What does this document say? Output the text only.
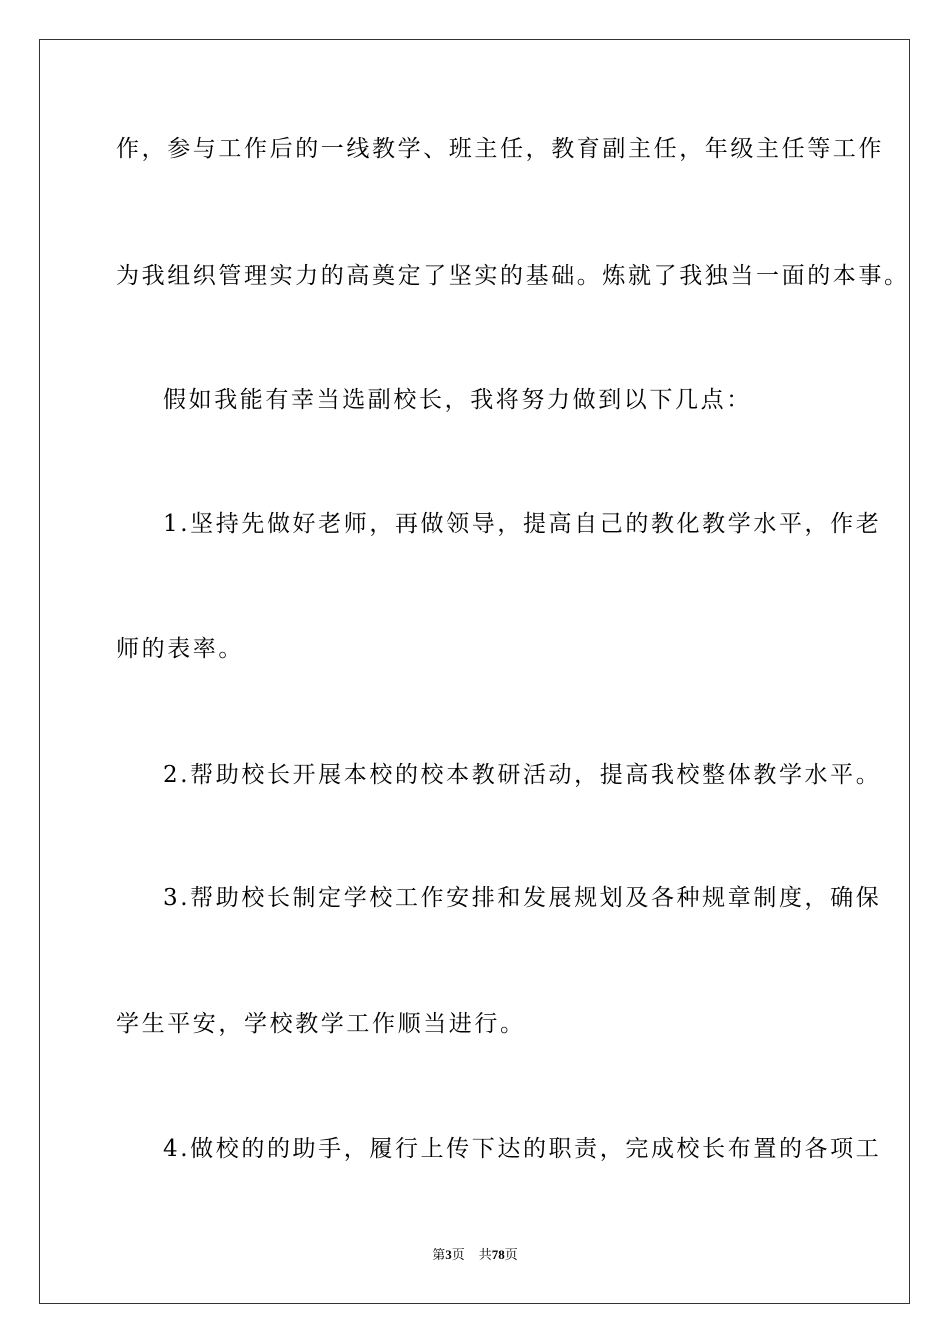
作，参与工作后的一线教学、班主任，教育副主任，年级主任等工作
为我组织管理实力的高奠定了坚实的基础。炼就了我独当一面的本事。
假如我能有幸当选副校长，我将努力做到以下几点：
1.坚持先做好老师，再做领导，提高自己的教化教学水平，作老
师的表率。
2.帮助校长开展本校的校本教研活动，提高我校整体教学水平。
3.帮助校长制定学校工作安排和发展规划及各种规章制度，确保
学生平安，学校教学工作顺当进行。
4.做校的的助手，履行上传下达的职责，完成校长布置的各项工
第3页 共78页
